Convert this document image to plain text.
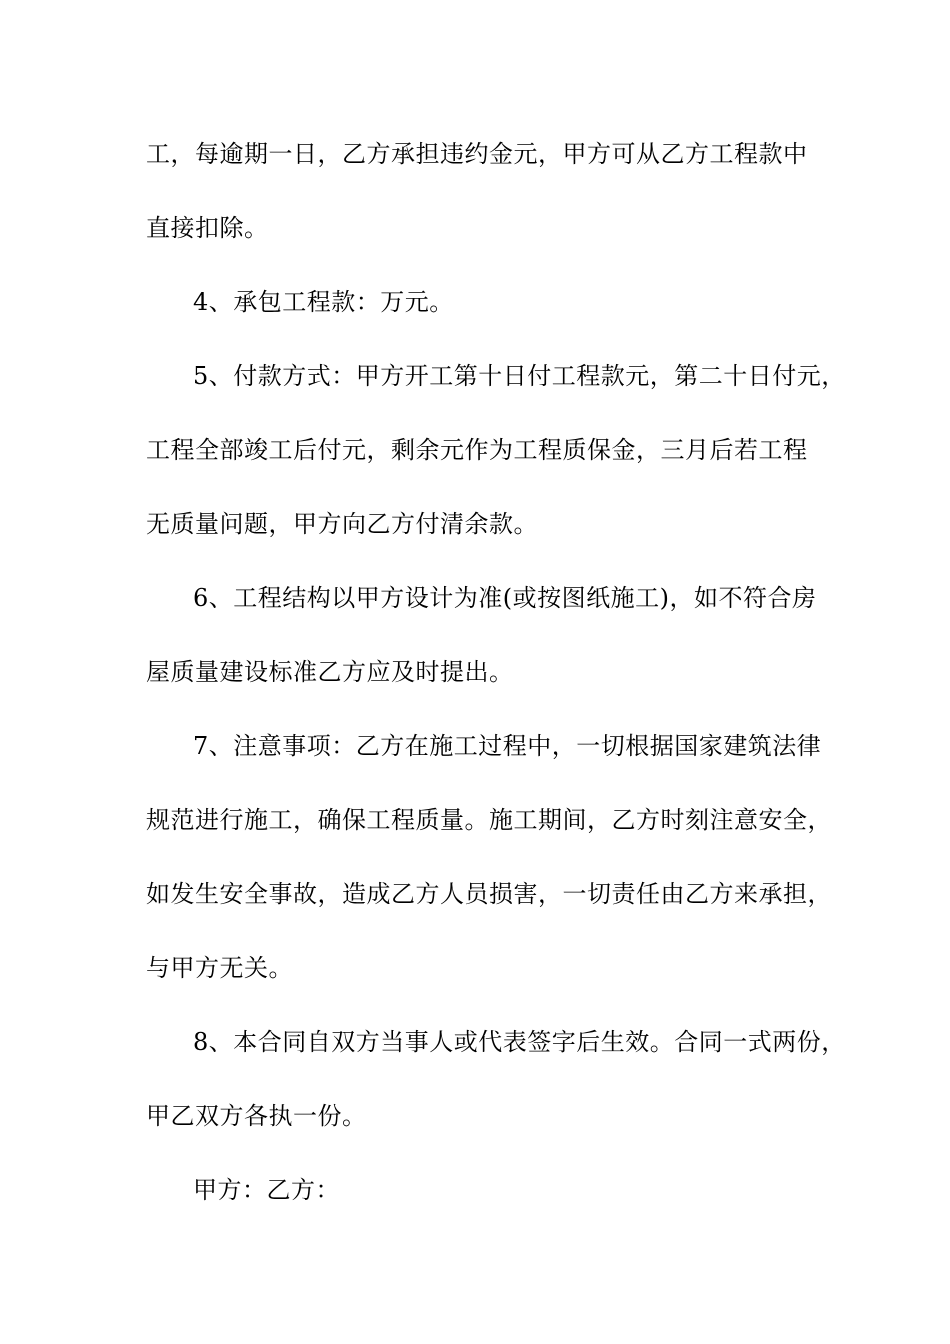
工，每逾期一日，乙方承担违约金元，甲方可从乙方工程款中
直接扣除。
4、承包工程款：万元。
5、付款方式：甲方开工第十日付工程款元，第二十日付元，
工程全部竣工后付元，剩余元作为工程质保金，三月后若工程
无质量问题，甲方向乙方付清余款。
6、工程结构以甲方设计为准(或按图纸施工)，如不符合房
屋质量建设标准乙方应及时提出。
7、注意事项：乙方在施工过程中，一切根据国家建筑法律
规范进行施工，确保工程质量。施工期间，乙方时刻注意安全，
如发生安全事故，造成乙方人员损害，一切责任由乙方来承担，
与甲方无关。
8、本合同自双方当事人或代表签字后生效。合同一式两份，
甲乙双方各执一份。
甲方：乙方：
